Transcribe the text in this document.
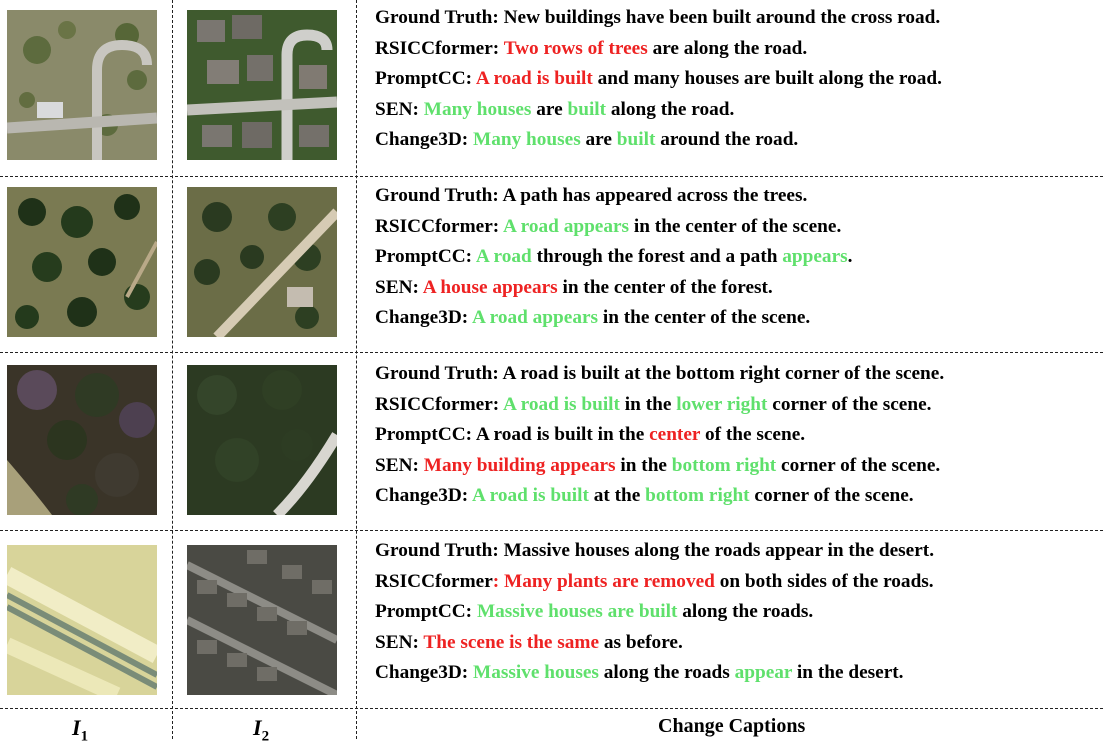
Ground Truth: New buildings have been built around the cross road.
RSICCformer: Two rows of trees are along the road.
PromptCC: A road is built and many houses are built along the road.
SEN: Many houses are built along the road.
Change3D: Many houses are built around the road.
Ground Truth: A path has appeared across the trees.
RSICCformer: A road appears in the center of the scene.
PromptCC: A road through the forest and a path appears.
SEN: A house appears in the center of the forest.
Change3D: A road appears in the center of the scene.
Ground Truth: A road is built at the bottom right corner of the scene.
RSICCformer: A road is built in the lower right corner of the scene.
PromptCC: A road is built in the center of the scene.
SEN: Many building appears in the bottom right corner of the scene.
Change3D: A road is built at the bottom right corner of the scene.
Ground Truth: Massive houses along the roads appear in the desert.
RSICCformer: Many plants are removed on both sides of the roads.
PromptCC: Massive houses are built along the roads.
SEN: The scene is the same as before.
Change3D: Massive houses along the roads appear in the desert.
$I_1$	$I_2$	Change Captions
